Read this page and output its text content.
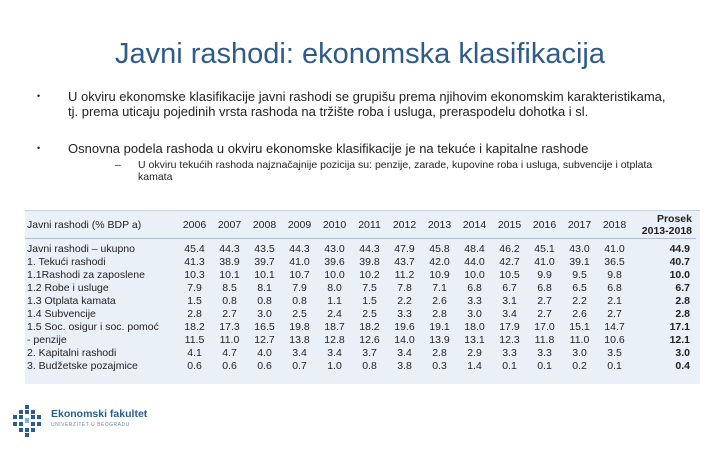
Javni rashodi: ekonomska klasifikacija
•	U okviru ekonomske klasifikacije javni rashodi se grupišu prema njihovim ekonomskim karakteristikama, tj. prema uticaju pojedinih vrsta rashoda na tržište roba i usluga, preraspodelu dohotka i sl.
•	Osnovna podela rashoda u okviru ekonomske klasifikacije je na tekuće i kapitalne rashode
–	U okviru tekućih rashoda najznačajnije pozicija su: penzije, zarade, kupovine roba i usluga, subvencije i otplata kamata
Javni rashodi (% BDP a)	2006	2007	2008	2009	2010	2011	2012	2013	2014	2015	2016	2017	2018	Prosek
2013-2018

Javni rashodi – ukupno	45.4	44.3	43.5	44.3	43.0	44.3	47.9	45.8	48.4	46.2	45.1	43.0	41.0	44.9
1. Tekući rashodi	41.3	38.9	39.7	41.0	39.6	39.8	43.7	42.0	44.0	42.7	41.0	39.1	36.5	40.7
1.1Rashodi za zaposlene	10.3	10.1	10.1	10.7	10.0	10.2	11.2	10.9	10.0	10.5	9.9	9.5	9.8	10.0
1.2 Robe i usluge	7.9	8.5	8.1	7.9	8.0	7.5	7.8	7.1	6.8	6.7	6.8	6.5	6.8	6.7
1.3 Otplata kamata	1.5	0.8	0.8	0.8	1.1	1.5	2.2	2.6	3.3	3.1	2.7	2.2	2.1	2.8
1.4 Subvencije	2.8	2.7	3.0	2.5	2.4	2.5	3.3	2.8	3.0	3.4	2.7	2.6	2.7	2.8
1.5 Soc. osigur i soc. pomoć	18.2	17.3	16.5	19.8	18.7	18.2	19.6	19.1	18.0	17.9	17.0	15.1	14.7	17.1
- penzije	11.5	11.0	12.7	13.8	12.8	12.6	14.0	13.9	13.1	12.3	11.8	11.0	10.6	12.1
2. Kapitalni rashodi	4.1	4.7	4.0	3.4	3.4	3.7	3.4	2.8	2.9	3.3	3.3	3.0	3.5	3.0
3. Budžetske pozajmice	0.6	0.6	0.6	0.7	1.0	0.8	3.8	0.3	1.4	0.1	0.1	0.2	0.1	0.4
Ekonomski fakultet
UNIVERZITET U BEOGRADU
